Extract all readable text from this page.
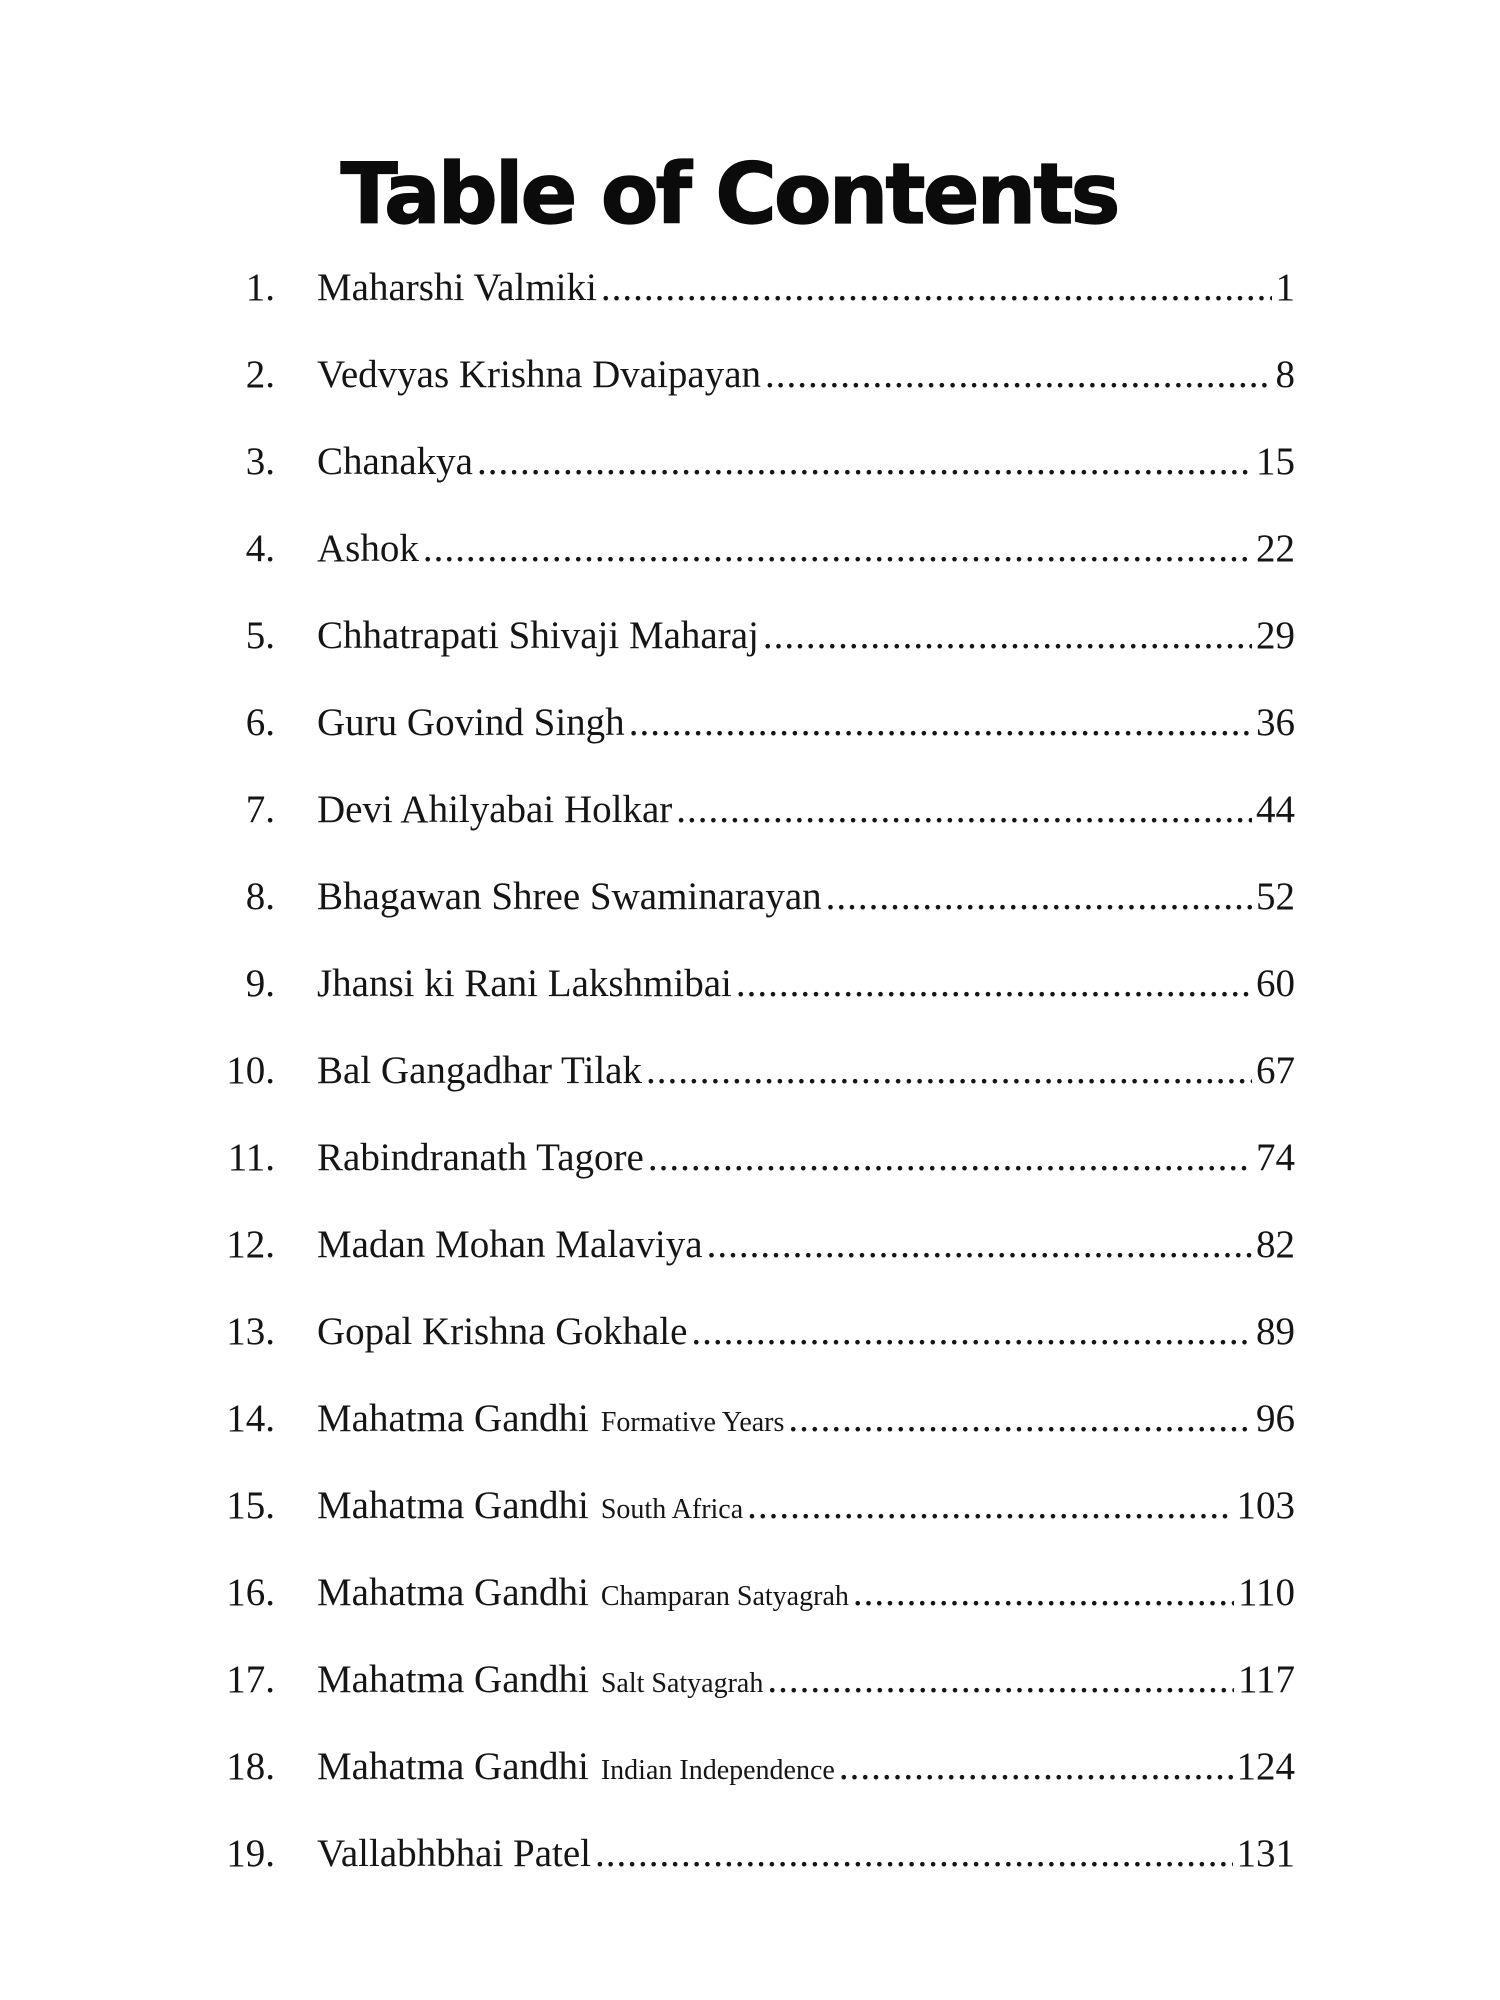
Table of Contents
1. Maharshi Valmiki .....	1
2. Vedvyas Krishna Dvaipayan .....	8
3. Chanakya .....	15
4. Ashok .....	22
5. Chhatrapati Shivaji Maharaj .....	29
6. Guru Govind Singh .....	36
7. Devi Ahilyabai Holkar .....	44
8. Bhagawan Shree Swaminarayan .....	52
9. Jhansi ki Rani Lakshmibai .....	60
10. Bal Gangadhar Tilak .....	67
11. Rabindranath Tagore .....	74
12. Madan Mohan Malaviya .....	82
13. Gopal Krishna Gokhale .....	89
14. Mahatma Gandhi Formative Years .....	96
15. Mahatma Gandhi South Africa .....	103
16. Mahatma Gandhi Champaran Satyagrah .....	110
17. Mahatma Gandhi Salt Satyagrah .....	117
18. Mahatma Gandhi Indian Independence .....	124
19. Vallabhbhai Patel .....	131
